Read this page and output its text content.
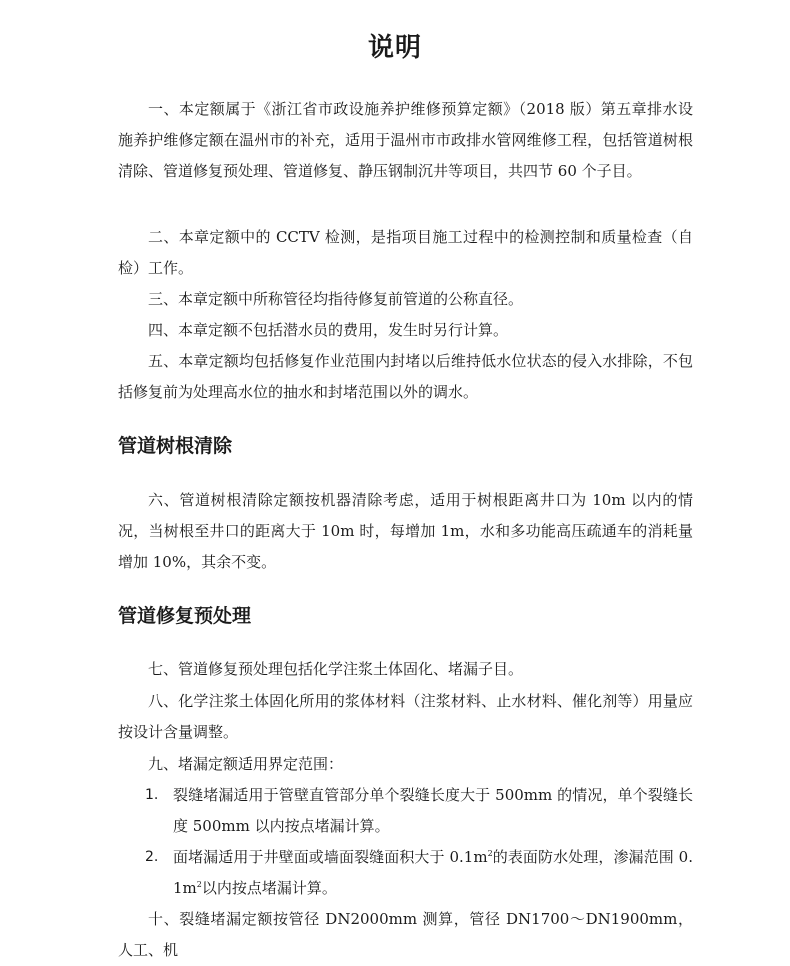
说明

一、本定额属于《浙江省市政设施养护维修预算定额》（2018 版）第五章排水设施养护维修定额在温州市的补充，适用于温州市市政排水管网维修工程，包括管道树根清除、管道修复预处理、管道修复、静压钢制沉井等项目，共四节 60 个子目。

二、本章定额中的 CCTV 检测，是指项目施工过程中的检测控制和质量检查（自检）工作。

三、本章定额中所称管径均指待修复前管道的公称直径。

四、本章定额不包括潜水员的费用，发生时另行计算。

五、本章定额均包括修复作业范围内封堵以后维持低水位状态的侵入水排除，不包括修复前为处理高水位的抽水和封堵范围以外的调水。

管道树根清除

六、管道树根清除定额按机器清除考虑，适用于树根距离井口为 10m 以内的情况，当树根至井口的距离大于 10m 时，每增加 1m，水和多功能高压疏通车的消耗量增加 10%，其余不变。

管道修复预处理

七、管道修复预处理包括化学注浆土体固化、堵漏子目。

八、化学注浆土体固化所用的浆体材料（注浆材料、止水材料、催化剂等）用量应按设计含量调整。

九、堵漏定额适用界定范围：

1. 裂缝堵漏适用于管壁直管部分单个裂缝长度大于 500mm 的情况，单个裂缝长度 500mm 以内按点堵漏计算。
2. 面堵漏适用于井壁面或墙面裂缝面积大于 $0.1m^2$的表面防水处理，渗漏范围 $0.1m^2$以内按点堵漏计算。

十、裂缝堵漏定额按管径 DN2000mm 测算，管径 DN1700～DN1900mm，人工、机
